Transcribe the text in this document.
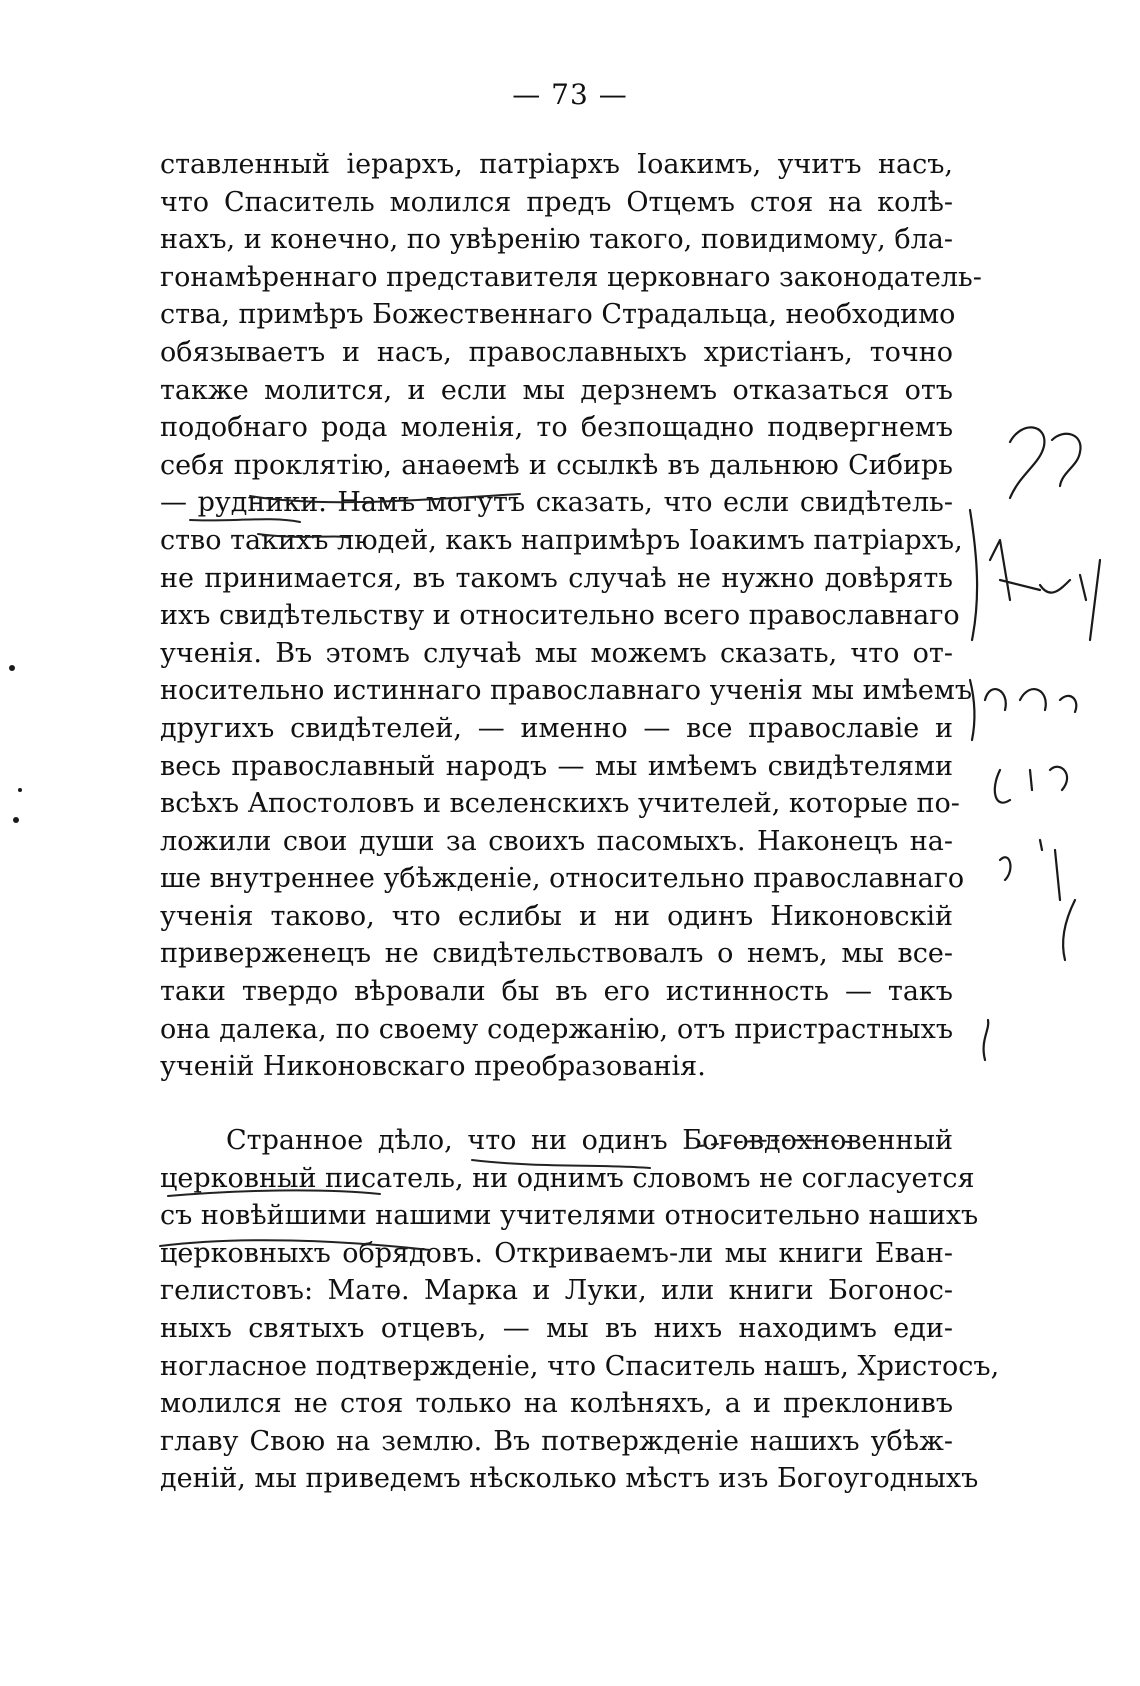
— 73 —
ставленный іерархъ, патріархъ Іоакимъ, учитъ насъ,
что Спаситель молился предъ Отцемъ стоя на колѣ-
нахъ, и конечно, по увѣренію такого, повидимому, бла-
гонамѣреннаго представителя церковнаго законодатель-
ства, примѣръ Божественнаго Страдальца, необходимо
обязываетъ и насъ, православныхъ христіанъ, точно
также молится, и если мы дерзнемъ отказаться отъ
подобнаго рода моленія, то безпощадно подвергнемъ
себя проклятію, анаѳемѣ и ссылкѣ въ дальнюю Сибирь
— рудники. Намъ могутъ сказать, что если свидѣтель-
ство такихъ людей, какъ напримѣръ Іоакимъ патріархъ,
не принимается, въ такомъ случаѣ не нужно довѣрять
ихъ свидѣтельству и относительно всего православнаго
ученія. Въ этомъ случаѣ мы можемъ сказать, что от-
носительно истиннаго православнаго ученія мы имѣемъ
другихъ свидѣтелей, — именно — все православіе и
весь православный народъ — мы имѣемъ свидѣтелями
всѣхъ Апостоловъ и вселенскихъ учителей, которые по-
ложили свои души за своихъ пасомыхъ. Наконецъ на-
ше внутреннее убѣжденіе, относительно православнаго
ученія таково, что еслибы и ни одинъ Никоновскій
приверженецъ не свидѣтельствовалъ о немъ, мы все-
таки твердо вѣровали бы въ его истинность — такъ
она далека, по своему содержанію, отъ пристрастныхъ
ученій Никоновскаго преобразованія.
Странное дѣло, что ни одинъ Боговдохновенный
церковный писатель, ни однимъ словомъ не согласуется
съ новѣйшими нашими учителями относительно нашихъ
церковныхъ обрядовъ. Откриваемъ-ли мы книги Еван-
гелистовъ: Матѳ. Марка и Луки, или книги Богонос-
ныхъ святыхъ отцевъ, — мы въ нихъ находимъ еди-
ногласное подтвержденіе, что Спаситель нашъ, Христосъ,
молился не стоя только на колѣняхъ, а и преклонивъ
главу Свою на землю. Въ потвержденіе нашихъ убѣж-
деній, мы приведемъ нѣсколько мѣстъ изъ Богоугодныхъ
